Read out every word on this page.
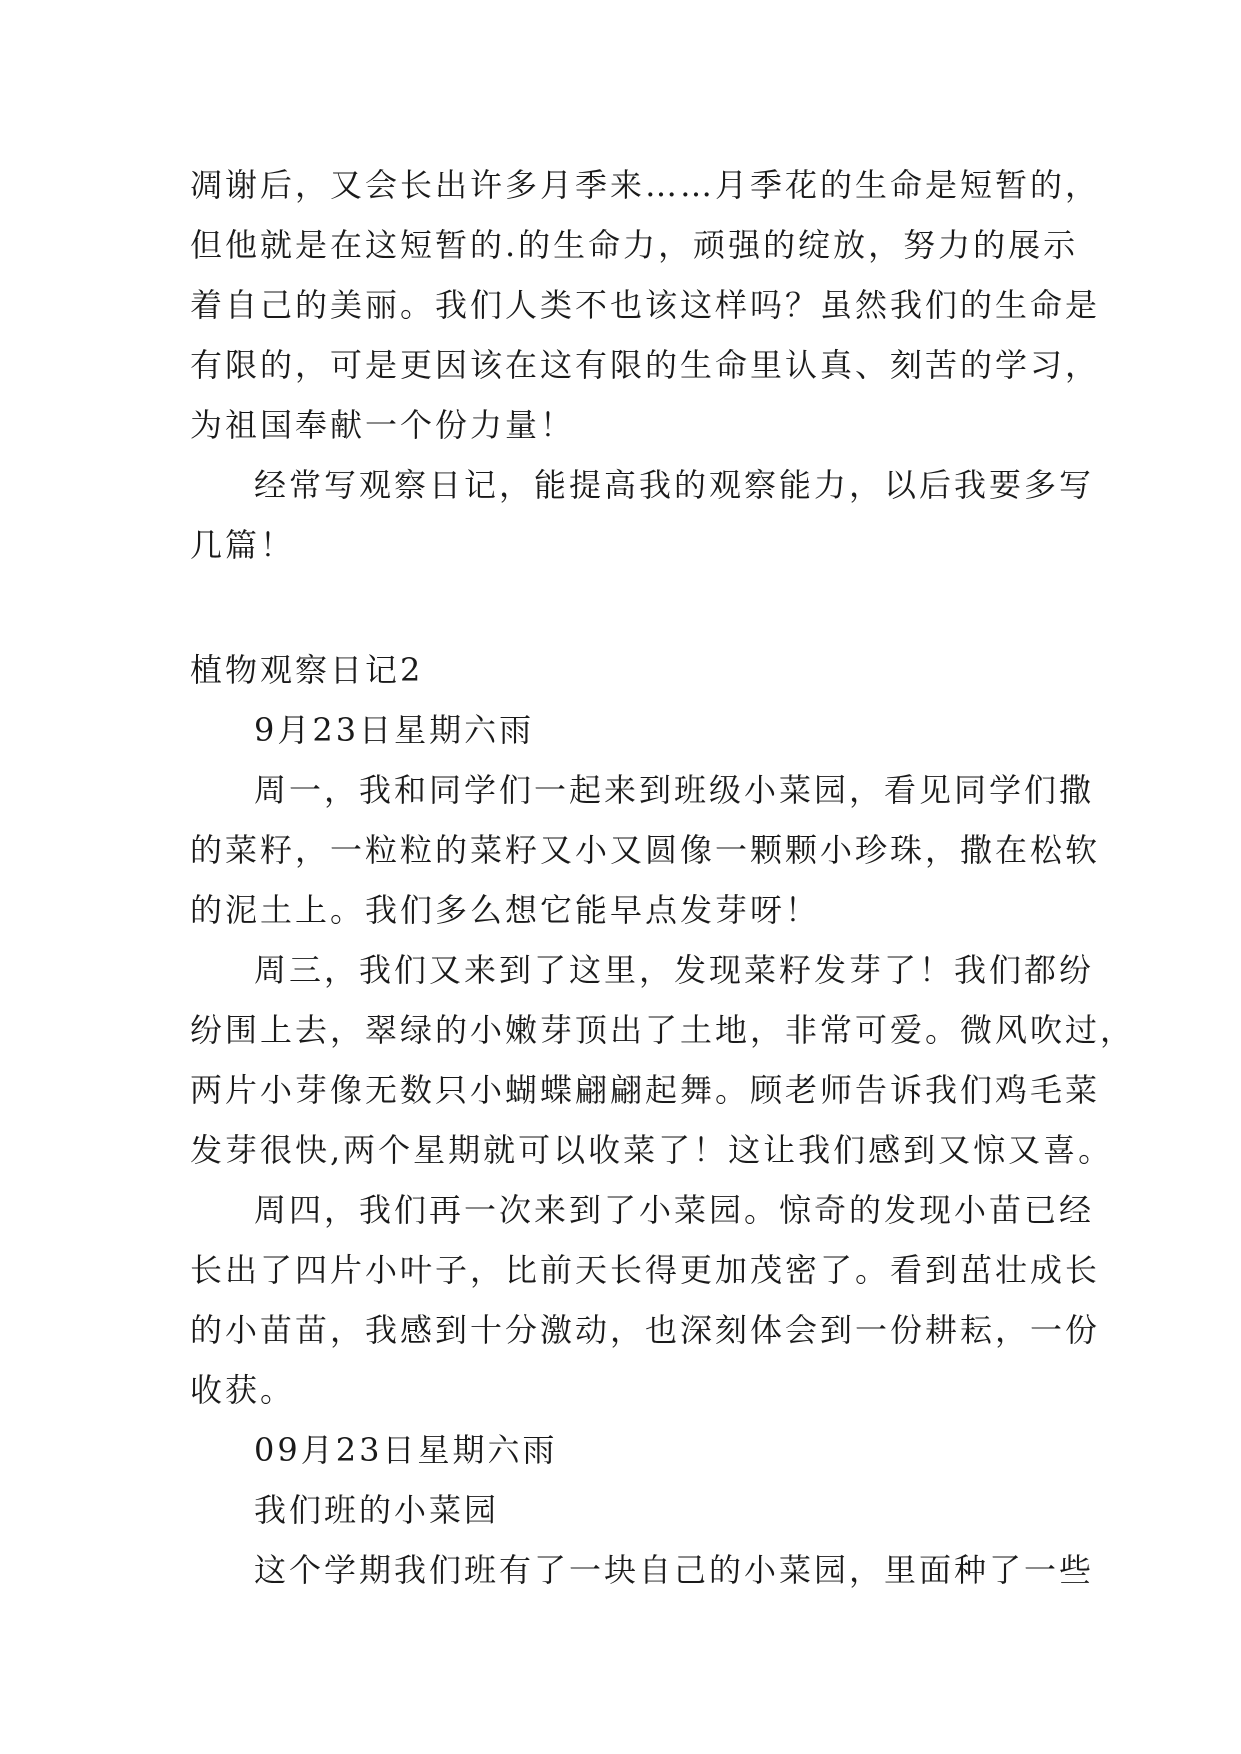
凋谢后，又会长出许多月季来……月季花的生命是短暂的，
但他就是在这短暂的.的生命力，顽强的绽放，努力的展示
着自己的美丽。我们人类不也该这样吗？虽然我们的生命是
有限的，可是更因该在这有限的生命里认真、刻苦的学习，
为祖国奉献一个份力量！
经常写观察日记，能提高我的观察能力，以后我要多写
几篇！
植物观察日记2
9月23日星期六雨
周一，我和同学们一起来到班级小菜园，看见同学们撒
的菜籽，一粒粒的菜籽又小又圆像一颗颗小珍珠，撒在松软
的泥土上。我们多么想它能早点发芽呀！
周三，我们又来到了这里，发现菜籽发芽了！我们都纷
纷围上去，翠绿的小嫩芽顶出了土地，非常可爱。微风吹过，
两片小芽像无数只小蝴蝶翩翩起舞。顾老师告诉我们鸡毛菜
发芽很快,两个星期就可以收菜了！这让我们感到又惊又喜。
周四，我们再一次来到了小菜园。惊奇的发现小苗已经
长出了四片小叶子，比前天长得更加茂密了。看到茁壮成长
的小苗苗，我感到十分激动，也深刻体会到一份耕耘，一份
收获。
09月23日星期六雨
我们班的小菜园
这个学期我们班有了一块自己的小菜园，里面种了一些
